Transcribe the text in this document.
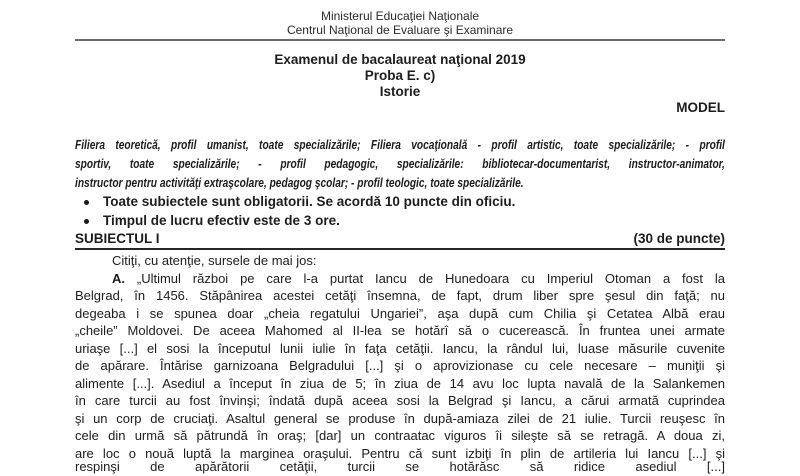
Ministerul Educaţiei Naţionale
Centrul Naţional de Evaluare şi Examinare
Examenul de bacalaureat naţional 2019
Proba E. c)
Istorie
MODEL
Filiera teoretică, profil umanist, toate specializările; Filiera vocaţională - profil artistic, toate specializările; - profil
sportiv, toate specializările; - profil pedagogic, specializările: bibliotecar-documentarist, instructor-animator,
instructor pentru activităţi extraşcolare, pedagog şcolar; - profil teologic, toate specializările.
Toate subiectele sunt obligatorii. Se acordă 10 puncte din oficiu.
Timpul de lucru efectiv este de 3 ore.
SUBIECTUL I	(30 de puncte)
Citiţi, cu atenţie, sursele de mai jos:
A. „Ultimul război pe care l-a purtat Iancu de Hunedoara cu Imperiul Otoman a fost la
Belgrad, în 1456. Stăpânirea acestei cetăţi însemna, de fapt, drum liber spre şesul din faţă; nu
degeaba i se spunea doar „cheia regatului Ungariei”, aşa după cum Chilia şi Cetatea Albă erau
„cheile” Moldovei. De aceea Mahomed al II-lea se hotărî să o cucerească. În fruntea unei armate
uriaşe [...] el sosi la începutul lunii iulie în faţa cetăţii. Iancu, la rândul lui, luase măsurile cuvenite
de apărare. Întărise garnizoana Belgradului [...] şi o aprovizionase cu cele necesare – muniţii şi
alimente [...]. Asediul a început în ziua de 5; în ziua de 14 avu loc lupta navală de la Salankemen
în care turcii au fost învinşi; îndată după aceea sosi la Belgrad şi Iancu, a cărui armată cuprindea
şi un corp de cruciaţi. Asaltul general se produse în după-amiaza zilei de 21 iulie. Turcii reuşesc în
cele din urmă să pătrundă în oraş; [dar] un contraatac viguros îi sileşte să se retragă. A doua zi,
are loc o nouă luptă la marginea oraşului. Pentru că sunt izbiţi în plin de artileria lui Iancu [...] şi
respinşi de apărătorii cetăţii, turcii se hotărăsc să ridice asediul [...]
